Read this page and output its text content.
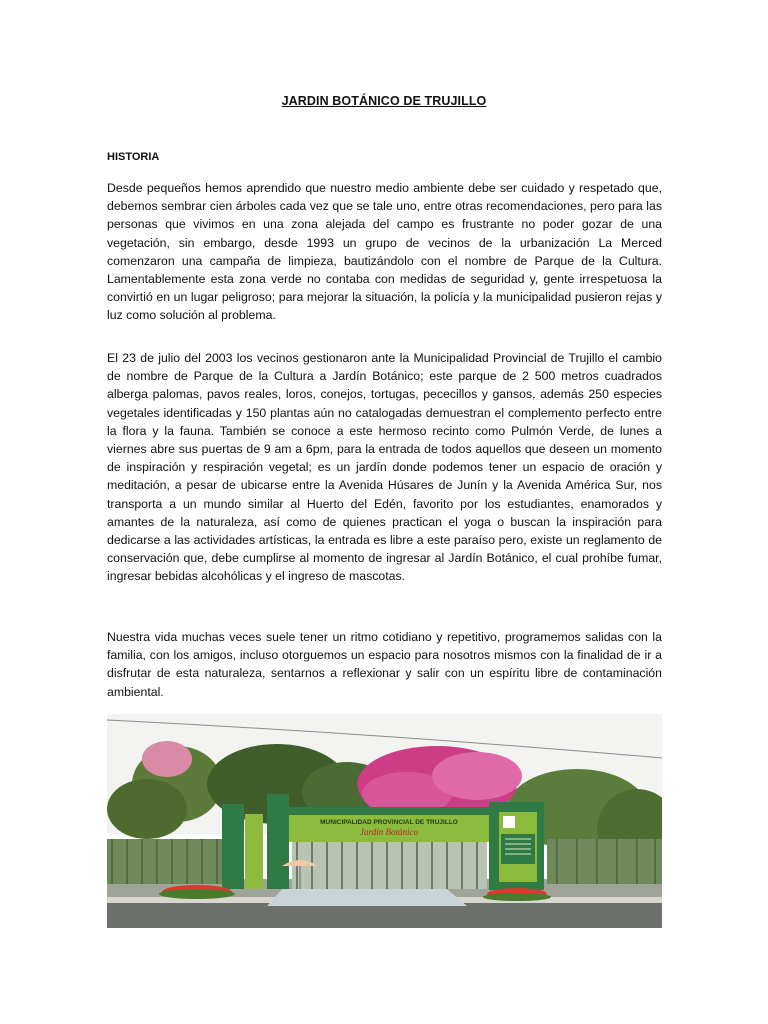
JARDIN BOTÁNICO DE TRUJILLO
HISTORIA
Desde pequeños hemos aprendido que nuestro medio ambiente debe ser cuidado y respetado que, debemos sembrar cien árboles cada vez que se tale uno, entre otras recomendaciones, pero para las personas que vivimos en una zona alejada del campo es frustrante no poder gozar de una vegetación, sin embargo, desde 1993 un grupo de vecinos de la urbanización La Merced comenzaron una campaña de limpieza, bautizándolo con el nombre de Parque de la Cultura. Lamentablemente esta zona verde no contaba con medidas de seguridad y, gente irrespetuosa la convirtió en un lugar peligroso; para mejorar la situación, la policía y la municipalidad pusieron rejas y luz como solución al problema.
El 23 de julio del 2003 los vecinos gestionaron ante la Municipalidad Provincial de Trujillo el cambio de nombre de Parque de la Cultura a Jardín Botánico; este parque de 2 500 metros cuadrados alberga palomas, pavos reales, loros, conejos, tortugas, pececillos y gansos, además 250 especies vegetales identificadas y 150 plantas aún no catalogadas demuestran el complemento perfecto entre la flora y la fauna. También se conoce a este hermoso recinto como Pulmón Verde, de lunes a viernes abre sus puertas de 9 am a 6pm, para la entrada de todos aquellos que deseen un momento de inspiración y respiración vegetal; es un jardín donde podemos tener un espacio de oración y meditación, a pesar de ubicarse entre la Avenida Húsares de Junín y la Avenida América Sur, nos transporta a un mundo similar al Huerto del Edén, favorito por los estudiantes, enamorados y amantes de la naturaleza, así como de quienes practican el yoga o buscan la inspiración para dedicarse a las actividades artísticas, la entrada es libre a este paraíso pero, existe un reglamento de conservación que, debe cumplirse al momento de ingresar al Jardín Botánico, el cual prohíbe fumar, ingresar bebidas alcohólicas y el ingreso de mascotas.
Nuestra vida muchas veces suele tener un ritmo cotidiano y repetitivo, programemos salidas con la familia, con los amigos, incluso otorguemos un espacio para nosotros mismos con la finalidad de ir a disfrutar de esta naturaleza, sentarnos a reflexionar y salir con un espíritu libre de contaminación ambiental.
MUNICIPALIDAD PROVINCIAL DE TRUJILLO
Jardín Botánico
